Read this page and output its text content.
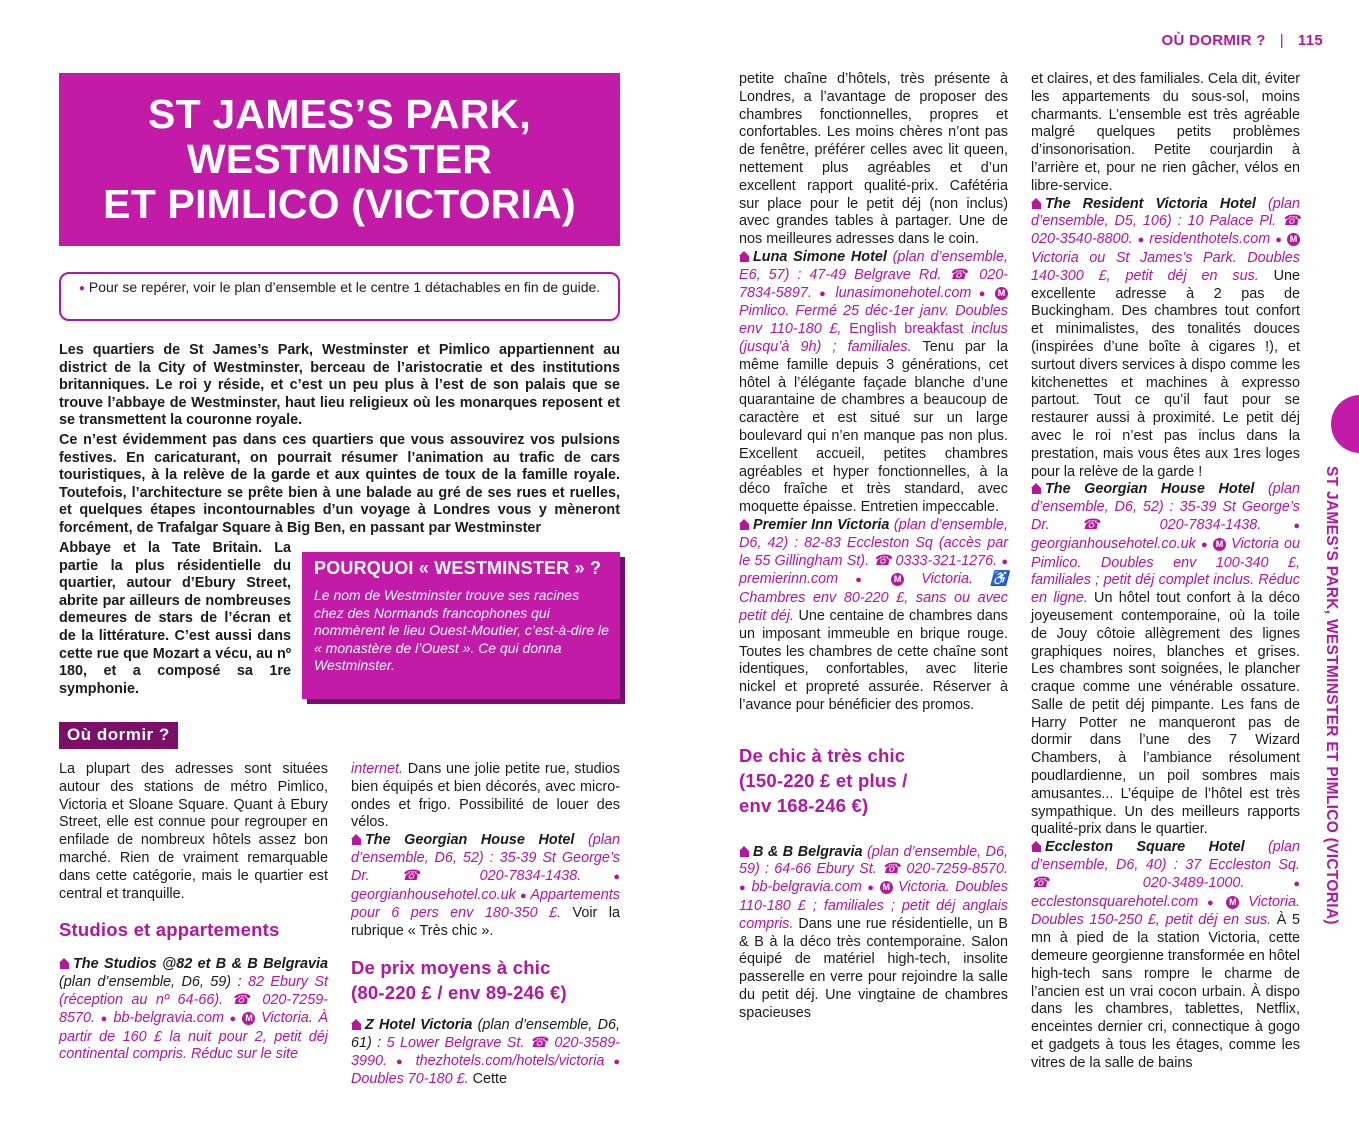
OÙ DORMIR ? | 115
ST JAMES’S PARK,
WESTMINSTER
ET PIMLICO (VICTORIA)
● Pour se repérer, voir le plan d’ensemble et le centre 1 détachables en fin de guide.

Les quartiers de St James’s Park, Westminster et Pimlico appartiennent au district de la City of Westminster, berceau de l’aristocratie et des institutions britanniques. Le roi y réside, et c’est un peu plus à l’est de son palais que se trouve l’abbaye de Westminster, haut lieu religieux où les monarques reposent et se transmettent la couronne royale.

Ce n’est évidemment pas dans ces quartiers que vous assouvirez vos pulsions festives. En caricaturant, on pourrait résumer l’animation au trafic de cars touristiques, à la relève de la garde et aux quintes de toux de la famille royale. Toutefois, l’architecture se prête bien à une balade au gré de ses rues et ruelles, et quelques étapes incontournables d’un voyage à Londres vous y mèneront forcément, de Trafalgar Square à Big Ben, en passant par Westminster

Abbaye et la Tate Britain. La partie la plus résidentielle du quartier, autour d’Ebury Street, abrite par ailleurs de nombreuses demeures de stars de l’écran et de la littérature. C’est aussi dans cette rue que Mozart a vécu, au nº 180, et a composé sa 1re symphonie.

POURQUOI « WESTMINSTER » ?
Le nom de Westminster trouve ses racines chez des Normands francophones qui nommèrent le lieu Ouest-Moutier, c’est-à-dire le « monastère de l’Ouest ». Ce qui donna Westminster.
Où dormir ?

La plupart des adresses sont situées autour des stations de métro Pimlico, Victoria et Sloane Square. Quant à Ebury Street, elle est connue pour regrouper en enfilade de nombreux hôtels assez bon marché. Rien de vraiment remarquable dans cette catégorie, mais le quartier est central et tranquille.

Studios et appartements

The Studios @82 et B & B Belgravia (plan d’ensemble, D6, 59) : 82 Ebury St (réception au nº 64-66). ☎ 020-7259-8570. ● bb-belgravia.com ● M Victoria. À partir de 160 £ la nuit pour 2, petit déj continental compris. Réduc sur le site

internet. Dans une jolie petite rue, studios bien équipés et bien décorés, avec micro-ondes et frigo. Possibilité de louer des vélos.

The Georgian House Hotel (plan d’ensemble, D6, 52) : 35-39 St George’s Dr. ☎ 020-7834-1438. ● georgianhousehotel.co.uk ● Appartements pour 6 pers env 180-350 £. Voir la rubrique « Très chic ».

De prix moyens à chic
(80-220 £ / env 89-246 €)

Z Hotel Victoria (plan d’ensemble, D6, 61) : 5 Lower Belgrave St. ☎ 020-3589-3990. ● thezhotels.com/hotels/victoria ● Doubles 70-180 £. Cette

petite chaîne d’hôtels, très présente à Londres, a l’avantage de proposer des chambres fonctionnelles, propres et confortables. Les moins chères n’ont pas de fenêtre, préférer celles avec lit queen, nettement plus agréables et d’un excellent rapport qualité-prix. Cafétéria sur place pour le petit déj (non inclus) avec grandes tables à partager. Une de nos meilleures adresses dans le coin.

Luna Simone Hotel (plan d’ensemble, E6, 57) : 47-49 Belgrave Rd. ☎ 020-7834-5897. ● lunasimonehotel.com ● M Pimlico. Fermé 25 déc-1er janv. Doubles env 110-180 £, English breakfast inclus (jusqu’à 9h) ; familiales. Tenu par la même famille depuis 3 générations, cet hôtel à l’élégante façade blanche d’une quarantaine de chambres a beaucoup de caractère et est situé sur un large boulevard qui n’en manque pas non plus. Excellent accueil, petites chambres agréables et hyper fonctionnelles, à la déco fraîche et très standard, avec moquette épaisse. Entretien impeccable.

Premier Inn Victoria (plan d’ensemble, D6, 42) : 82-83 Eccleston Sq (accès par le 55 Gillingham St). ☎ 0333-321-1276. ● premierinn.com ● M Victoria. ♿ Chambres env 80-220 £, sans ou avec petit déj. Une centaine de chambres dans un imposant immeuble en brique rouge. Toutes les chambres de cette chaîne sont identiques, confortables, avec literie nickel et propreté assurée. Réserver à l’avance pour bénéficier des promos.

De chic à très chic
(150-220 £ et plus /
env 168-246 €)

B & B Belgravia (plan d’ensemble, D6, 59) : 64-66 Ebury St. ☎ 020-7259-8570. ● bb-belgravia.com ● M Victoria. Doubles 110-180 £ ; familiales ; petit déj anglais compris. Dans une rue résidentielle, un B & B à la déco très contemporaine. Salon équipé de matériel high-tech, insolite passerelle en verre pour rejoindre la salle du petit déj. Une vingtaine de chambres spacieuses

et claires, et des familiales. Cela dit, éviter les appartements du sous-sol, moins charmants. L’ensemble est très agréable malgré quelques petits problèmes d’insonorisation. Petite courjardin à l’arrière et, pour ne rien gâcher, vélos en libre-service.

The Resident Victoria Hotel (plan d’ensemble, D5, 106) : 10 Palace Pl. ☎ 020-3540-8800. ● residenthotels.com ● M Victoria ou St James’s Park. Doubles 140-300 £, petit déj en sus. Une excellente adresse à 2 pas de Buckingham. Des chambres tout confort et minimalistes, des tonalités douces (inspirées d’une boîte à cigares !), et surtout divers services à dispo comme les kitchenettes et machines à expresso partout. Tout ce qu’il faut pour se restaurer aussi à proximité. Le petit déj avec le roi n’est pas inclus dans la prestation, mais vous êtes aux 1res loges pour la relève de la garde !

The Georgian House Hotel (plan d’ensemble, D6, 52) : 35-39 St George’s Dr. ☎ 020-7834-1438. ● georgianhousehotel.co.uk ● M Victoria ou Pimlico. Doubles env 100-340 £, familiales ; petit déj complet inclus. Réduc en ligne. Un hôtel tout confort à la déco joyeusement contemporaine, où la toile de Jouy côtoie allègrement des lignes graphiques noires, blanches et grises. Les chambres sont soignées, le plancher craque comme une vénérable ossature. Salle de petit déj pimpante. Les fans de Harry Potter ne manqueront pas de dormir dans l’une des 7 Wizard Chambers, à l’ambiance résolument poudlardienne, un poil sombres mais amusantes... L’équipe de l’hôtel est très sympathique. Un des meilleurs rapports qualité-prix dans le quartier.

Eccleston Square Hotel (plan d’ensemble, D6, 40) : 37 Eccleston Sq. ☎ 020-3489-1000. ● ecclestonsquarehotel.com ● M Victoria. Doubles 150-250 £, petit déj en sus. À 5 mn à pied de la station Victoria, cette demeure georgienne transformée en hôtel high-tech sans rompre le charme de l’ancien est un vrai cocon urbain. À dispo dans les chambres, tablettes, Netflix, enceintes dernier cri, connectique à gogo et gadgets à tous les étages, comme les vitres de la salle de bains

ST JAMES’S PARK, WESTMINSTER ET PIMLICO (VICTORIA)
